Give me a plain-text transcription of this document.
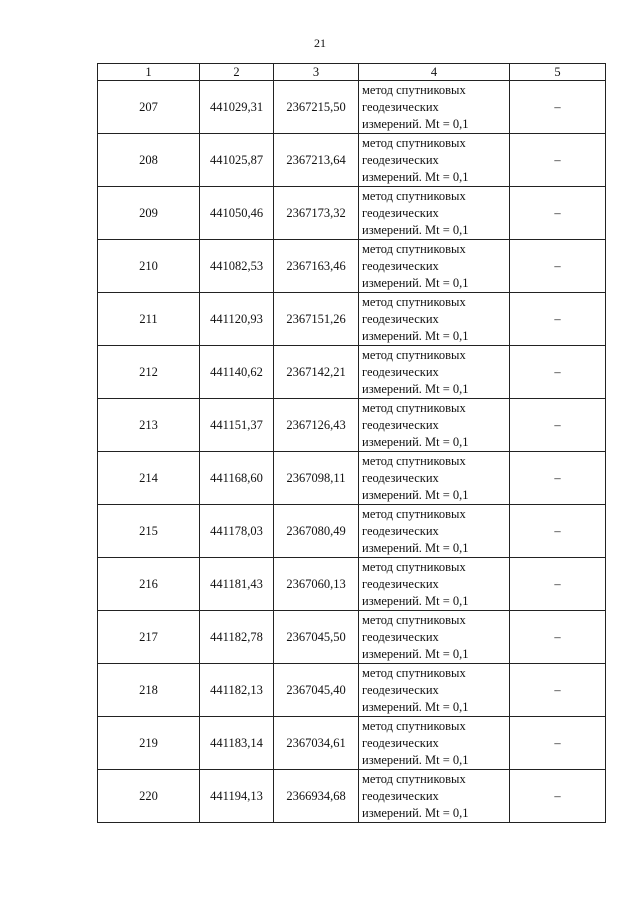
21
1	2	3	4	5
207	441029,31	2367215,50	метод спутниковых
геодезических
измерений. Mt = 0,1	–
208	441025,87	2367213,64	метод спутниковых
геодезических
измерений. Mt = 0,1	–
209	441050,46	2367173,32	метод спутниковых
геодезических
измерений. Mt = 0,1	–
210	441082,53	2367163,46	метод спутниковых
геодезических
измерений. Mt = 0,1	–
211	441120,93	2367151,26	метод спутниковых
геодезических
измерений. Mt = 0,1	–
212	441140,62	2367142,21	метод спутниковых
геодезических
измерений. Mt = 0,1	–
213	441151,37	2367126,43	метод спутниковых
геодезических
измерений. Mt = 0,1	–
214	441168,60	2367098,11	метод спутниковых
геодезических
измерений. Mt = 0,1	–
215	441178,03	2367080,49	метод спутниковых
геодезических
измерений. Mt = 0,1	–
216	441181,43	2367060,13	метод спутниковых
геодезических
измерений. Mt = 0,1	–
217	441182,78	2367045,50	метод спутниковых
геодезических
измерений. Mt = 0,1	–
218	441182,13	2367045,40	метод спутниковых
геодезических
измерений. Mt = 0,1	–
219	441183,14	2367034,61	метод спутниковых
геодезических
измерений. Mt = 0,1	–
220	441194,13	2366934,68	метод спутниковых
геодезических
измерений. Mt = 0,1	–
